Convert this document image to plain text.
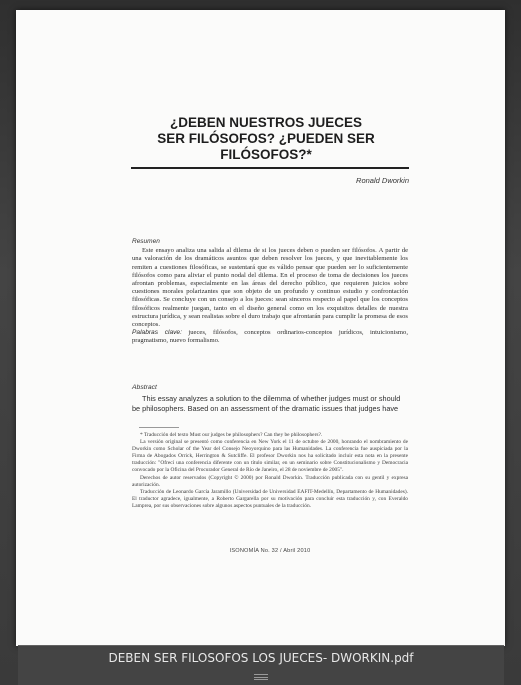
¿DEBEN NUESTROS JUECES
SER FILÓSOFOS? ¿PUEDEN SER
FILÓSOFOS?*
Ronald Dworkin
Resumen

Este ensayo analiza una salida al dilema de si los jueces deben o pueden ser filósofos. A partir de una valoración de los dramáticos asuntos que deben resolver los jueces, y que inevitablemente los remiten a cuestiones filosóficas, se sustentará que es válido pensar que pueden ser lo suficientemente filósofos como para aliviar el punto nodal del dilema. En el proceso de toma de decisiones los jueces afrontan problemas, especialmente en las áreas del derecho público, que requieren juicios sobre cuestiones morales polarizantes que son objeto de un profundo y continuo estudio y confrontación filosóficas. Se concluye con un consejo a los jueces: sean sinceros respecto al papel que los conceptos filosóficos realmente juegan, tanto en el diseño general como en los exquisitos detalles de nuestra estructura jurídica, y sean realistas sobre el duro trabajo que afrontarán para cumplir la promesa de esos conceptos.

Palabras clave: jueces, filósofos, conceptos ordinarios-conceptos jurídicos, intuicionismo, pragmatismo, nuevo formalismo.

Abstract

This essay analyzes a solution to the dilemma of whether judges must or should be philosophers. Based on an assessment of the dramatic issues that judges have

* Traducción del texto Must our judges be philosophers? Can they be philosophers?.

La versión original se presentó como conferencia en New York el 11 de octubre de 2000, honrando el nombramiento de Dworkin como Scholar of the Year del Consejo Neoyorquino para las Humanidades. La conferencia fue auspiciada por la Firma de Abogados Orrick, Herrington & Sutcliffe. El profesor Dworkin nos ha solicitado incluir esta nota en la presente traducción: "Ofrecí una conferencia diferente con un título similar, en un seminario sobre Constitucionalismo y Democracia convocado por la Oficina del Procurador General de Río de Janeiro, el 28 de noviembre de 2005".

Derechos de autor reservados (Copyright © 2000) por Ronald Dworkin. Traducción publicada con su gentil y expresa autorización.

Traducción de Leonardo García Jaramillo (Universidad de Universidad EAFIT-Medellín, Departamento de Humanidades). El traductor agradece, igualmente, a Roberto Gargarella por su motivación para concluir esta traducción y, con Everaldo Lamprea, por sus observaciones sobre algunos aspectos puntuales de la traducción.

ISONOMÍA No. 32 / Abril 2010
DEBEN SER FILOSOFOS LOS JUECES- DWORKIN.pdf
